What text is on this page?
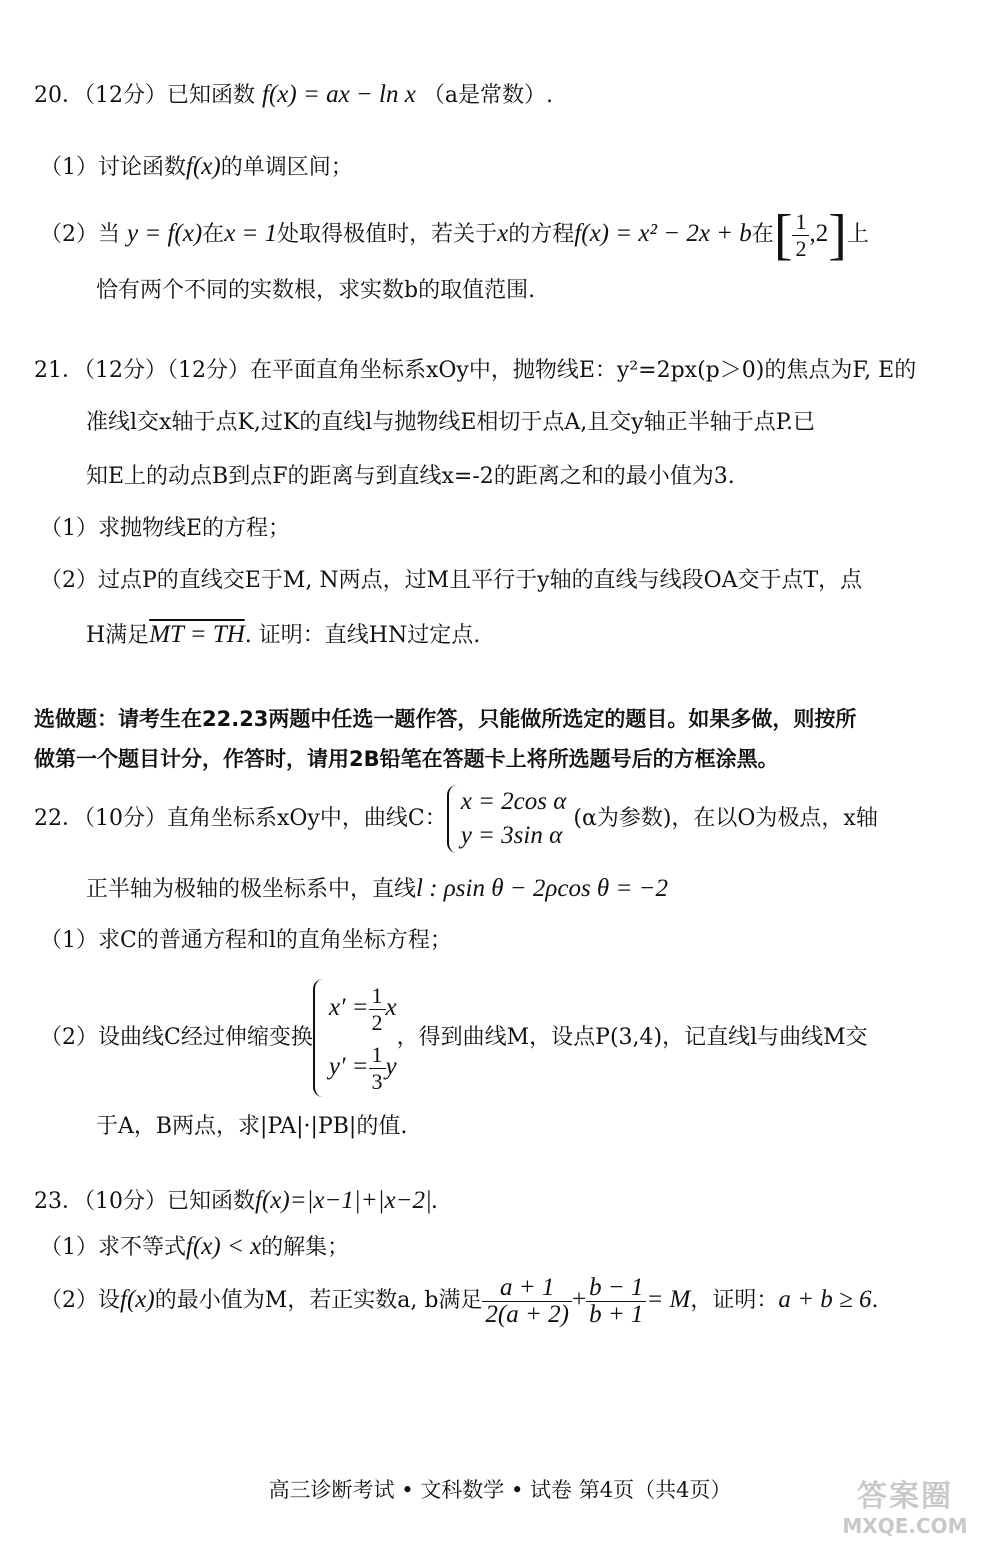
20．（12分）已知函数 f(x) = ax − ln x （a是常数）.
（1）讨论函数f(x)的单调区间；
（2）当 y = f(x)在x = 1处取得极值时，若关于x的方程f(x) = x² − 2x + b在[ $\frac{1}{2} ,2$]上
恰有两个不同的实数根，求实数b的取值范围.
21．（12分）（12分）在平面直角坐标系xOy中，抛物线E：y²=2px(p＞0)的焦点为F, E的
准线l交x轴于点K,过K的直线l与抛物线E相切于点A,且交y轴正半轴于点P.已
知E上的动点B到点F的距离与到直线x=-2的距离之和的最小值为3.
（1）求抛物线E的方程；
（2）过点P的直线交E于M, N两点，过M且平行于y轴的直线与线段OA交于点T，点
H满足MT = TH. 证明：直线HN过定点.
选做题：请考生在22.23两题中任选一题作答，只能做所选定的题目。如果多做，则按所
做第一个题目计分，作答时，请用2B铅笔在答题卡上将所选题号后的方框涂黑。
22．（10分）直角坐标系xOy中，曲线C：
x = 2cos α
y = 3sin α
(α为参数)，在以O为极点，x轴
正半轴为极轴的极坐标系中，直线l : ρsin θ − 2ρcos θ = −2
（1）求C的普通方程和l的直角坐标方程；
（2）设曲线C经过伸缩变换
$x' = \frac{1}{2}$ x
$y' = \frac{1}{3}$ y
，得到曲线M，设点P(3,4)，记直线l与曲线M交
于A，B两点，求|PA|·|PB|的值.
23．（10分）已知函数f(x)=|x−1|+|x−2|.
（1）求不等式f(x) < x的解集；
（2）设f(x)的最小值为M，若正实数a, b满足 $\frac{a + 1}{2(a + 2)} + \frac{b - 1}{b + 1} = M$，证明：a + b ≥ 6.
高三诊断考试 • 文科数学 • 试卷 第4页（共4页）	答案圈
MXQE.COM
